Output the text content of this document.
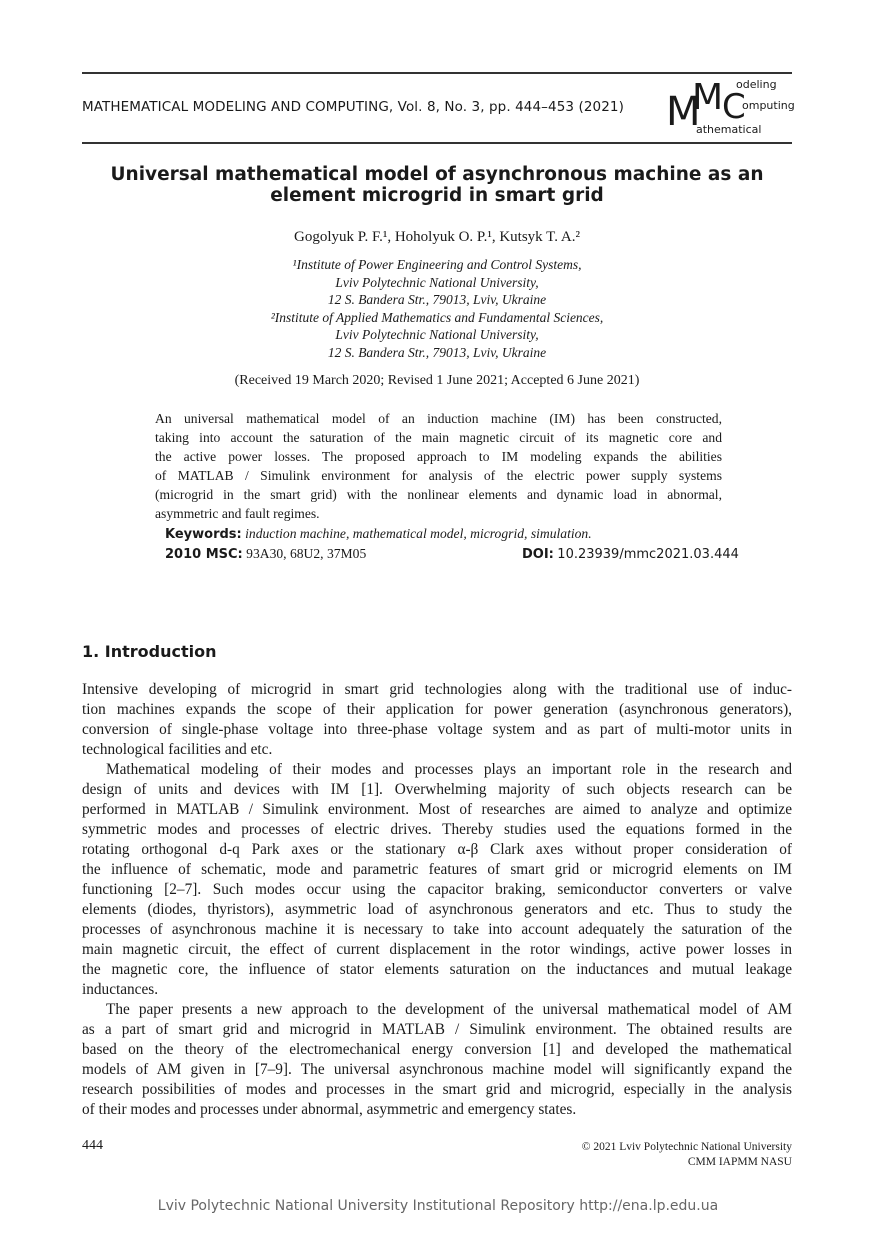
MATHEMATICAL MODELING AND COMPUTING, Vol. 8, No. 3, pp. 444–453 (2021) M
M
C
odeling
omputing
athematical
Universal mathematical model of asynchronous machine as an
element microgrid in smart grid
Gogolyuk P. F.¹, Hoholyuk O. P.¹, Kutsyk T. A.²
¹Institute of Power Engineering and Control Systems,
Lviv Polytechnic National University,
12 S. Bandera Str., 79013, Lviv, Ukraine
²Institute of Applied Mathematics and Fundamental Sciences,
Lviv Polytechnic National University,
12 S. Bandera Str., 79013, Lviv, Ukraine
(Received 19 March 2020; Revised 1 June 2021; Accepted 6 June 2021)
An universal mathematical model of an induction machine (IM) has been constructed,
taking into account the saturation of the main magnetic circuit of its magnetic core and
the active power losses. The proposed approach to IM modeling expands the abilities
of MATLAB / Simulink environment for analysis of the electric power supply systems
(microgrid in the smart grid) with the nonlinear elements and dynamic load in abnormal,
asymmetric and fault regimes.
Keywords: induction machine, mathematical model, microgrid, simulation.
2010 MSC: 93A30, 68U2, 37M05	DOI: 10.23939/mmc2021.03.444
1. Introduction
Intensive developing of microgrid in smart grid technologies along with the traditional use of induc-
tion machines expands the scope of their application for power generation (asynchronous generators),
conversion of single-phase voltage into three-phase voltage system and as part of multi-motor units in
technological facilities and etc.
Mathematical modeling of their modes and processes plays an important role in the research and
design of units and devices with IM [1]. Overwhelming majority of such objects research can be
performed in MATLAB / Simulink environment. Most of researches are aimed to analyze and optimize
symmetric modes and processes of electric drives. Thereby studies used the equations formed in the
rotating orthogonal d-q Park axes or the stationary α-β Clark axes without proper consideration of
the influence of schematic, mode and parametric features of smart grid or microgrid elements on IM
functioning [2–7]. Such modes occur using the capacitor braking, semiconductor converters or valve
elements (diodes, thyristors), asymmetric load of asynchronous generators and etc. Thus to study the
processes of asynchronous machine it is necessary to take into account adequately the saturation of the
main magnetic circuit, the effect of current displacement in the rotor windings, active power losses in
the magnetic core, the influence of stator elements saturation on the inductances and mutual leakage
inductances.
The paper presents a new approach to the development of the universal mathematical model of AM
as a part of smart grid and microgrid in MATLAB / Simulink environment. The obtained results are
based on the theory of the electromechanical energy conversion [1] and developed the mathematical
models of AM given in [7–9]. The universal asynchronous machine model will significantly expand the
research possibilities of modes and processes in the smart grid and microgrid, especially in the analysis
of their modes and processes under abnormal, asymmetric and emergency states.
444	© 2021 Lviv Polytechnic National University
CMM IAPMM NASU
Lviv Polytechnic National University Institutional Repository http://ena.lp.edu.ua
